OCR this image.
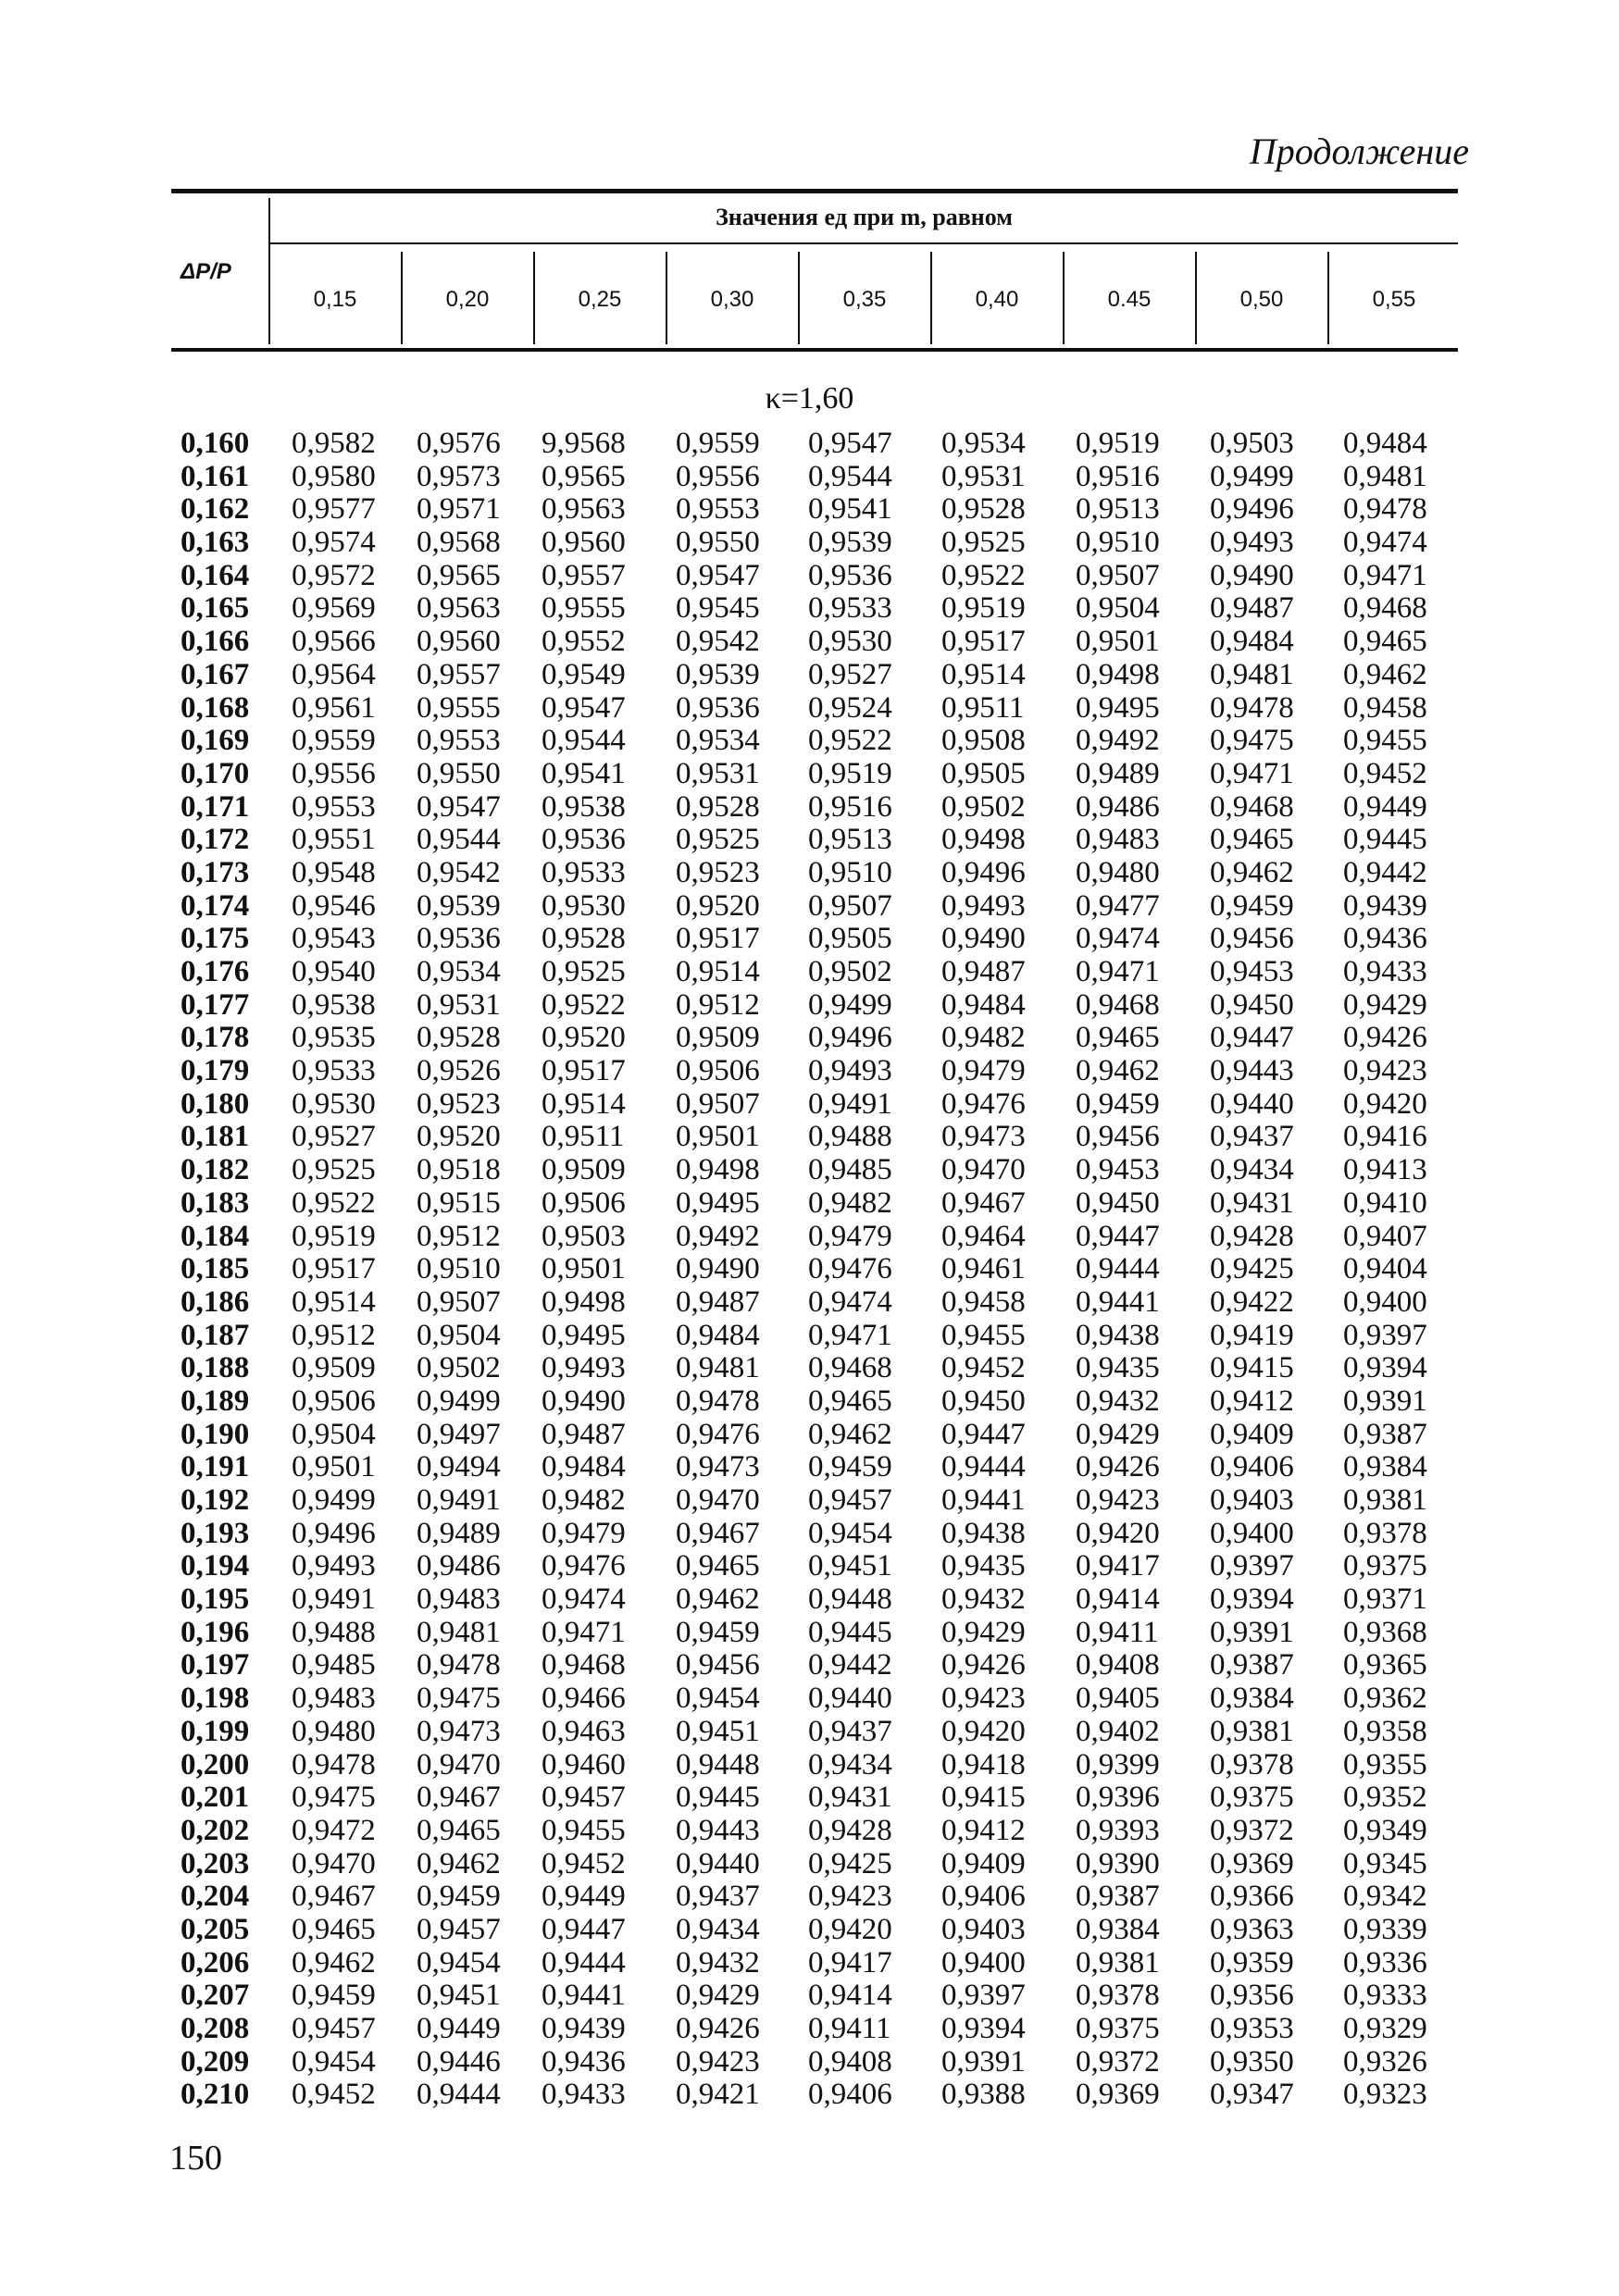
Продолжение
ΔP/P
Значения eд при m, равном
0,15	0,20	0,25	0,30	0,35	0,40	0.45	0,50	0,55
κ=1,60
0,160 0,9582 0,9576 9,9568 0,9559 0,9547 0,9534 0,9519 0,9503 0,9484
0,161 0,9580 0,9573 0,9565 0,9556 0,9544 0,9531 0,9516 0,9499 0,9481
0,162 0,9577 0,9571 0,9563 0,9553 0,9541 0,9528 0,9513 0,9496 0,9478
0,163 0,9574 0,9568 0,9560 0,9550 0,9539 0,9525 0,9510 0,9493 0,9474
0,164 0,9572 0,9565 0,9557 0,9547 0,9536 0,9522 0,9507 0,9490 0,9471
0,165 0,9569 0,9563 0,9555 0,9545 0,9533 0,9519 0,9504 0,9487 0,9468
0,166 0,9566 0,9560 0,9552 0,9542 0,9530 0,9517 0,9501 0,9484 0,9465
0,167 0,9564 0,9557 0,9549 0,9539 0,9527 0,9514 0,9498 0,9481 0,9462
0,168 0,9561 0,9555 0,9547 0,9536 0,9524 0,9511 0,9495 0,9478 0,9458
0,169 0,9559 0,9553 0,9544 0,9534 0,9522 0,9508 0,9492 0,9475 0,9455
0,170 0,9556 0,9550 0,9541 0,9531 0,9519 0,9505 0,9489 0,9471 0,9452
0,171 0,9553 0,9547 0,9538 0,9528 0,9516 0,9502 0,9486 0,9468 0,9449
0,172 0,9551 0,9544 0,9536 0,9525 0,9513 0,9498 0,9483 0,9465 0,9445
0,173 0,9548 0,9542 0,9533 0,9523 0,9510 0,9496 0,9480 0,9462 0,9442
0,174 0,9546 0,9539 0,9530 0,9520 0,9507 0,9493 0,9477 0,9459 0,9439
0,175 0,9543 0,9536 0,9528 0,9517 0,9505 0,9490 0,9474 0,9456 0,9436
0,176 0,9540 0,9534 0,9525 0,9514 0,9502 0,9487 0,9471 0,9453 0,9433
0,177 0,9538 0,9531 0,9522 0,9512 0,9499 0,9484 0,9468 0,9450 0,9429
0,178 0,9535 0,9528 0,9520 0,9509 0,9496 0,9482 0,9465 0,9447 0,9426
0,179 0,9533 0,9526 0,9517 0,9506 0,9493 0,9479 0,9462 0,9443 0,9423
0,180 0,9530 0,9523 0,9514 0,9507 0,9491 0,9476 0,9459 0,9440 0,9420
0,181 0,9527 0,9520 0,9511 0,9501 0,9488 0,9473 0,9456 0,9437 0,9416
0,182 0,9525 0,9518 0,9509 0,9498 0,9485 0,9470 0,9453 0,9434 0,9413
0,183 0,9522 0,9515 0,9506 0,9495 0,9482 0,9467 0,9450 0,9431 0,9410
0,184 0,9519 0,9512 0,9503 0,9492 0,9479 0,9464 0,9447 0,9428 0,9407
0,185 0,9517 0,9510 0,9501 0,9490 0,9476 0,9461 0,9444 0,9425 0,9404
0,186 0,9514 0,9507 0,9498 0,9487 0,9474 0,9458 0,9441 0,9422 0,9400
0,187 0,9512 0,9504 0,9495 0,9484 0,9471 0,9455 0,9438 0,9419 0,9397
0,188 0,9509 0,9502 0,9493 0,9481 0,9468 0,9452 0,9435 0,9415 0,9394
0,189 0,9506 0,9499 0,9490 0,9478 0,9465 0,9450 0,9432 0,9412 0,9391
0,190 0,9504 0,9497 0,9487 0,9476 0,9462 0,9447 0,9429 0,9409 0,9387
0,191 0,9501 0,9494 0,9484 0,9473 0,9459 0,9444 0,9426 0,9406 0,9384
0,192 0,9499 0,9491 0,9482 0,9470 0,9457 0,9441 0,9423 0,9403 0,9381
0,193 0,9496 0,9489 0,9479 0,9467 0,9454 0,9438 0,9420 0,9400 0,9378
0,194 0,9493 0,9486 0,9476 0,9465 0,9451 0,9435 0,9417 0,9397 0,9375
0,195 0,9491 0,9483 0,9474 0,9462 0,9448 0,9432 0,9414 0,9394 0,9371
0,196 0,9488 0,9481 0,9471 0,9459 0,9445 0,9429 0,9411 0,9391 0,9368
0,197 0,9485 0,9478 0,9468 0,9456 0,9442 0,9426 0,9408 0,9387 0,9365
0,198 0,9483 0,9475 0,9466 0,9454 0,9440 0,9423 0,9405 0,9384 0,9362
0,199 0,9480 0,9473 0,9463 0,9451 0,9437 0,9420 0,9402 0,9381 0,9358
0,200 0,9478 0,9470 0,9460 0,9448 0,9434 0,9418 0,9399 0,9378 0,9355
0,201 0,9475 0,9467 0,9457 0,9445 0,9431 0,9415 0,9396 0,9375 0,9352
0,202 0,9472 0,9465 0,9455 0,9443 0,9428 0,9412 0,9393 0,9372 0,9349
0,203 0,9470 0,9462 0,9452 0,9440 0,9425 0,9409 0,9390 0,9369 0,9345
0,204 0,9467 0,9459 0,9449 0,9437 0,9423 0,9406 0,9387 0,9366 0,9342
0,205 0,9465 0,9457 0,9447 0,9434 0,9420 0,9403 0,9384 0,9363 0,9339
0,206 0,9462 0,9454 0,9444 0,9432 0,9417 0,9400 0,9381 0,9359 0,9336
0,207 0,9459 0,9451 0,9441 0,9429 0,9414 0,9397 0,9378 0,9356 0,9333
0,208 0,9457 0,9449 0,9439 0,9426 0,9411 0,9394 0,9375 0,9353 0,9329
0,209 0,9454 0,9446 0,9436 0,9423 0,9408 0,9391 0,9372 0,9350 0,9326
0,210 0,9452 0,9444 0,9433 0,9421 0,9406 0,9388 0,9369 0,9347 0,9323
150
